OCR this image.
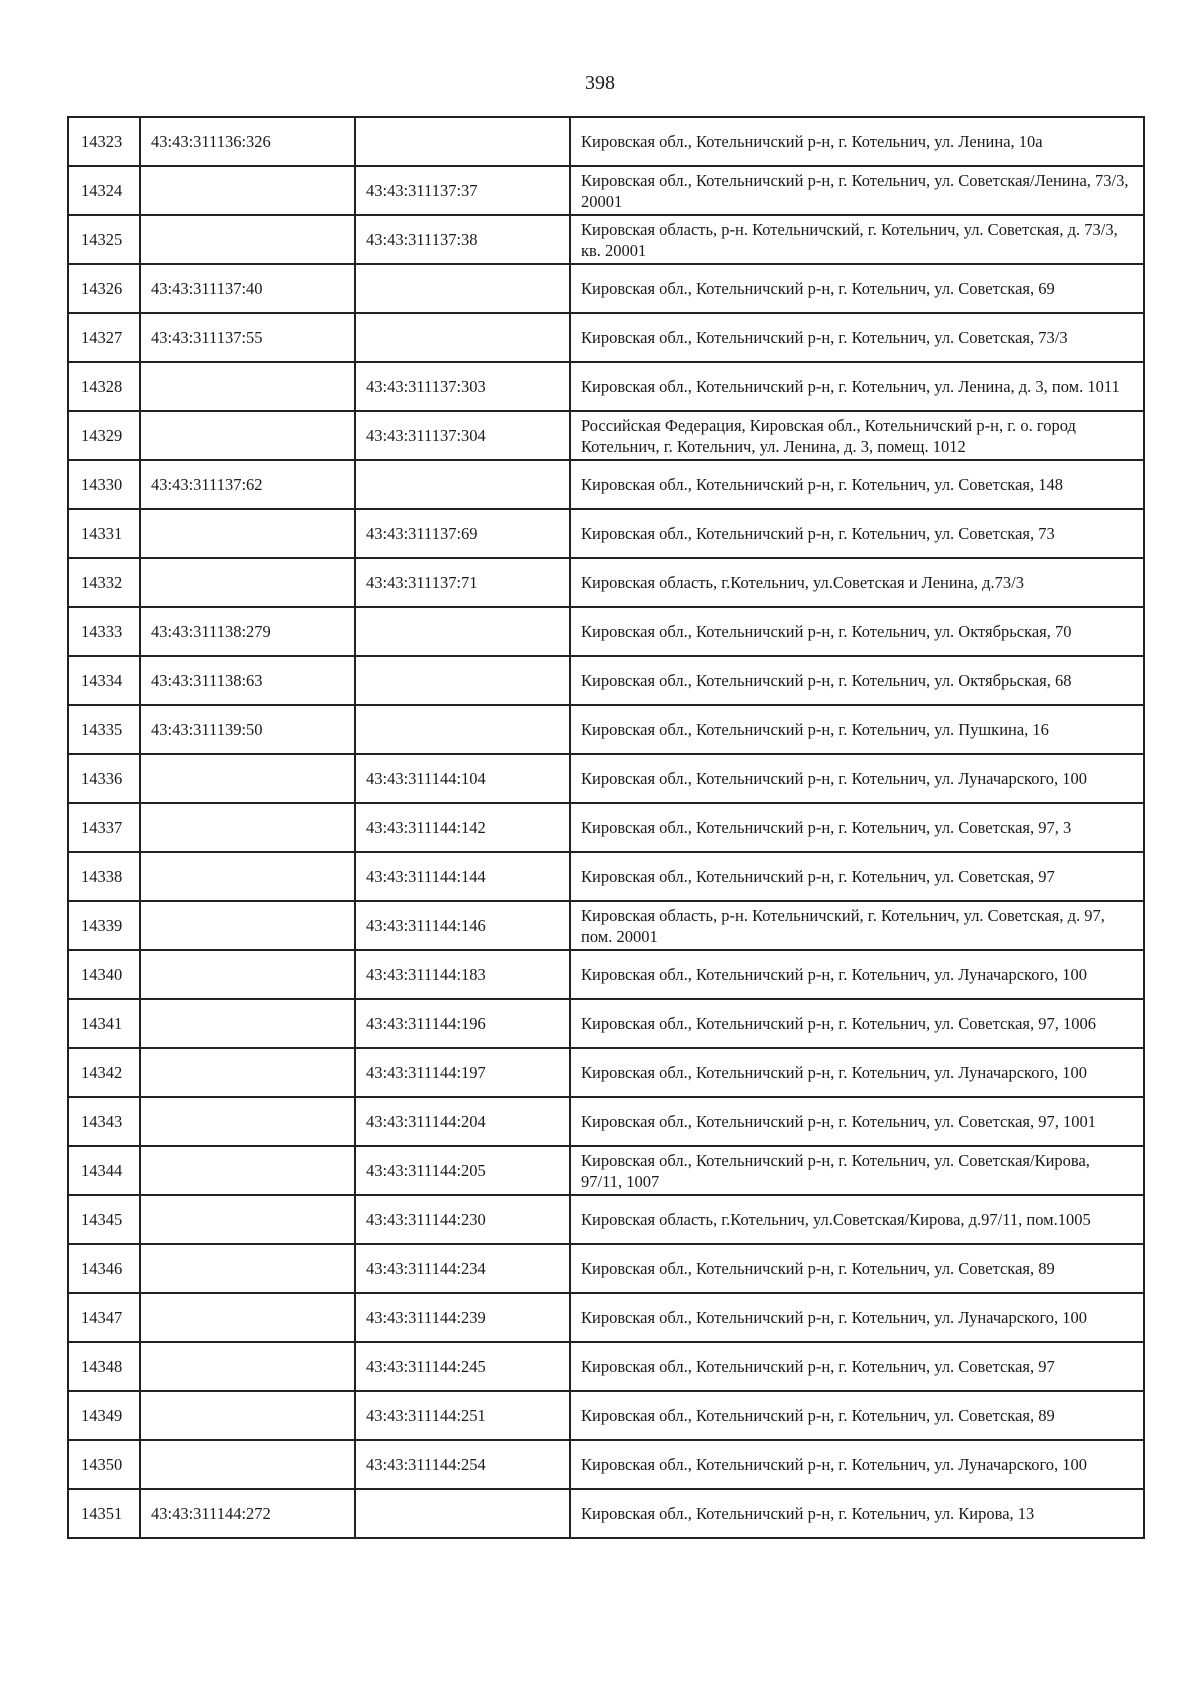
398
14323	43:43:311136:326		Кировская обл., Котельничский р-н, г. Котельнич, ул. Ленина, 10а
14324		43:43:311137:37	Кировская обл., Котельничский р-н, г. Котельнич, ул. Советская/Ленина, 73/3, 20001
14325		43:43:311137:38	Кировская область, р-н. Котельничский, г. Котельнич, ул. Советская, д. 73/3, кв. 20001
14326	43:43:311137:40		Кировская обл., Котельничский р-н, г. Котельнич, ул. Советская, 69
14327	43:43:311137:55		Кировская обл., Котельничский р-н, г. Котельнич, ул. Советская, 73/3
14328		43:43:311137:303	Кировская обл., Котельничский р-н, г. Котельнич, ул. Ленина, д. 3, пом. 1011
14329		43:43:311137:304	Российская Федерация, Кировская обл., Котельничский р-н, г. о. город Котельнич, г. Котельнич, ул. Ленина, д. 3, помещ. 1012
14330	43:43:311137:62		Кировская обл., Котельничский р-н, г. Котельнич, ул. Советская, 148
14331		43:43:311137:69	Кировская обл., Котельничский р-н, г. Котельнич, ул. Советская, 73
14332		43:43:311137:71	Кировская область, г.Котельнич, ул.Советская и Ленина, д.73/3
14333	43:43:311138:279		Кировская обл., Котельничский р-н, г. Котельнич, ул. Октябрьская, 70
14334	43:43:311138:63		Кировская обл., Котельничский р-н, г. Котельнич, ул. Октябрьская, 68
14335	43:43:311139:50		Кировская обл., Котельничский р-н, г. Котельнич, ул. Пушкина, 16
14336		43:43:311144:104	Кировская обл., Котельничский р-н, г. Котельнич, ул. Луначарского, 100
14337		43:43:311144:142	Кировская обл., Котельничский р-н, г. Котельнич, ул. Советская, 97, 3
14338		43:43:311144:144	Кировская обл., Котельничский р-н, г. Котельнич, ул. Советская, 97
14339		43:43:311144:146	Кировская область, р-н. Котельничский, г. Котельнич, ул. Советская, д. 97, пом. 20001
14340		43:43:311144:183	Кировская обл., Котельничский р-н, г. Котельнич, ул. Луначарского, 100
14341		43:43:311144:196	Кировская обл., Котельничский р-н, г. Котельнич, ул. Советская, 97, 1006
14342		43:43:311144:197	Кировская обл., Котельничский р-н, г. Котельнич, ул. Луначарского, 100
14343		43:43:311144:204	Кировская обл., Котельничский р-н, г. Котельнич, ул. Советская, 97, 1001
14344		43:43:311144:205	Кировская обл., Котельничский р-н, г. Котельнич, ул. Советская/Кирова, 97/11, 1007
14345		43:43:311144:230	Кировская область, г.Котельнич, ул.Советская/Кирова, д.97/11, пом.1005
14346		43:43:311144:234	Кировская обл., Котельничский р-н, г. Котельнич, ул. Советская, 89
14347		43:43:311144:239	Кировская обл., Котельничский р-н, г. Котельнич, ул. Луначарского, 100
14348		43:43:311144:245	Кировская обл., Котельничский р-н, г. Котельнич, ул. Советская, 97
14349		43:43:311144:251	Кировская обл., Котельничский р-н, г. Котельнич, ул. Советская, 89
14350		43:43:311144:254	Кировская обл., Котельничский р-н, г. Котельнич, ул. Луначарского, 100
14351	43:43:311144:272		Кировская обл., Котельничский р-н, г. Котельнич, ул. Кирова, 13
